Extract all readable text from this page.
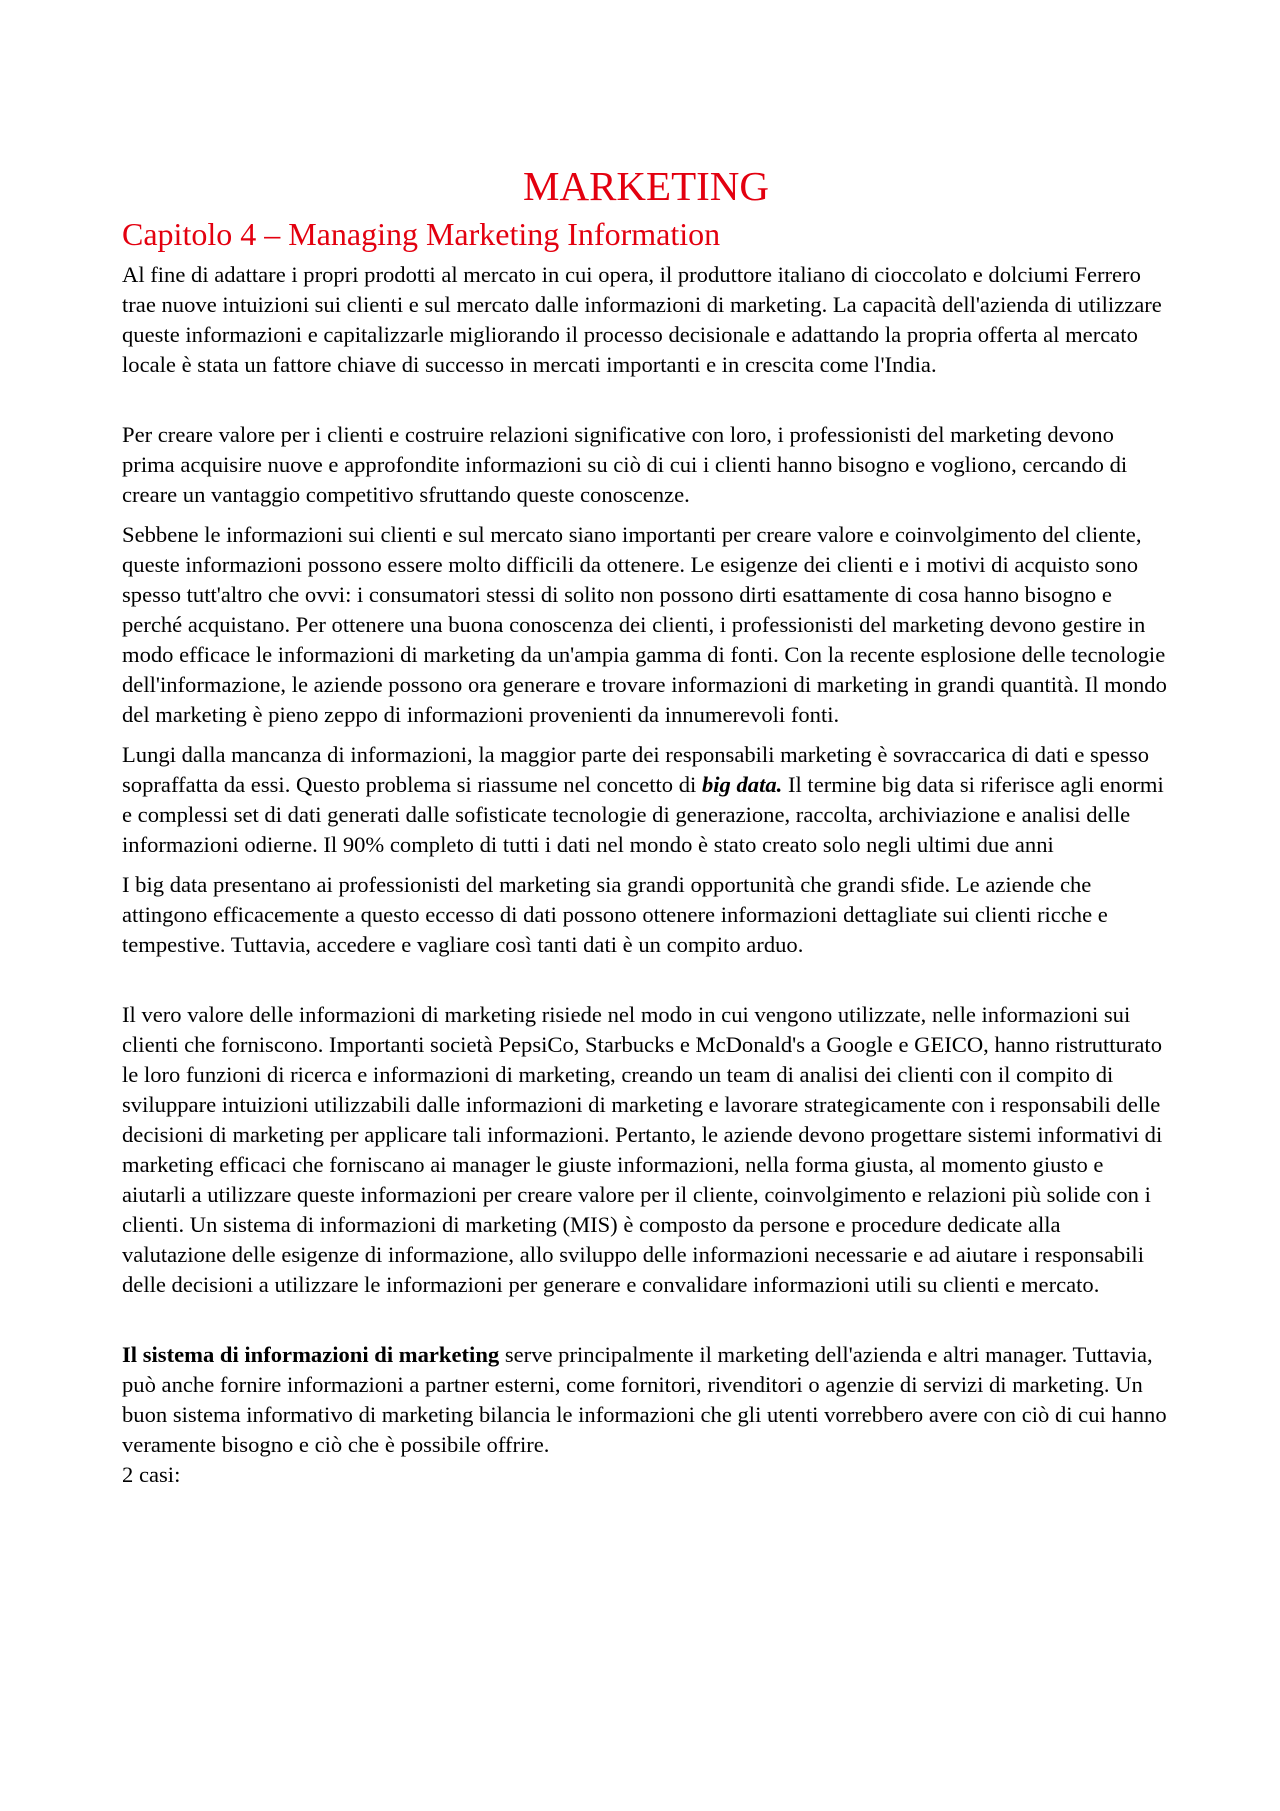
MARKETING
Capitolo 4 – Managing Marketing Information

Al fine di adattare i propri prodotti al mercato in cui opera, il produttore italiano di cioccolato e dolciumi Ferrero trae nuove intuizioni sui clienti e sul mercato dalle informazioni di marketing. La capacità dell'azienda di utilizzare queste informazioni e capitalizzarle migliorando il processo decisionale e adattando la propria offerta al mercato locale è stata un fattore chiave di successo in mercati importanti e in crescita come l'India.

Per creare valore per i clienti e costruire relazioni significative con loro, i professionisti del marketing devono prima acquisire nuove e approfondite informazioni su ciò di cui i clienti hanno bisogno e vogliono, cercando di creare un vantaggio competitivo sfruttando queste conoscenze.

Sebbene le informazioni sui clienti e sul mercato siano importanti per creare valore e coinvolgimento del cliente, queste informazioni possono essere molto difficili da ottenere. Le esigenze dei clienti e i motivi di acquisto sono spesso tutt'altro che ovvi: i consumatori stessi di solito non possono dirti esattamente di cosa hanno bisogno e perché acquistano. Per ottenere una buona conoscenza dei clienti, i professionisti del marketing devono gestire in modo efficace le informazioni di marketing da un'ampia gamma di fonti. Con la recente esplosione delle tecnologie dell'informazione, le aziende possono ora generare e trovare informazioni di marketing in grandi quantità. Il mondo del marketing è pieno zeppo di informazioni provenienti da innumerevoli fonti.

Lungi dalla mancanza di informazioni, la maggior parte dei responsabili marketing è sovraccarica di dati e spesso sopraffatta da essi. Questo problema si riassume nel concetto di big data. Il termine big data si riferisce agli enormi e complessi set di dati generati dalle sofisticate tecnologie di generazione, raccolta, archiviazione e analisi delle informazioni odierne. Il 90% completo di tutti i dati nel mondo è stato creato solo negli ultimi due anni

I big data presentano ai professionisti del marketing sia grandi opportunità che grandi sfide. Le aziende che attingono efficacemente a questo eccesso di dati possono ottenere informazioni dettagliate sui clienti ricche e tempestive. Tuttavia, accedere e vagliare così tanti dati è un compito arduo.

Il vero valore delle informazioni di marketing risiede nel modo in cui vengono utilizzate, nelle informazioni sui clienti che forniscono. Importanti società PepsiCo, Starbucks e McDonald's a Google e GEICO, hanno ristrutturato le loro funzioni di ricerca e informazioni di marketing, creando un team di analisi dei clienti con il compito di sviluppare intuizioni utilizzabili dalle informazioni di marketing e lavorare strategicamente con i responsabili delle decisioni di marketing per applicare tali informazioni. Pertanto, le aziende devono progettare sistemi informativi di marketing efficaci che forniscano ai manager le giuste informazioni, nella forma giusta, al momento giusto e aiutarli a utilizzare queste informazioni per creare valore per il cliente, coinvolgimento e relazioni più solide con i clienti. Un sistema di informazioni di marketing (MIS) è composto da persone e procedure dedicate alla valutazione delle esigenze di informazione, allo sviluppo delle informazioni necessarie e ad aiutare i responsabili delle decisioni a utilizzare le informazioni per generare e convalidare informazioni utili su clienti e mercato.

Il sistema di informazioni di marketing serve principalmente il marketing dell'azienda e altri manager. Tuttavia, può anche fornire informazioni a partner esterni, come fornitori, rivenditori o agenzie di servizi di marketing. Un buon sistema informativo di marketing bilancia le informazioni che gli utenti vorrebbero avere con ciò di cui hanno veramente bisogno e ciò che è possibile offrire.
2 casi:
